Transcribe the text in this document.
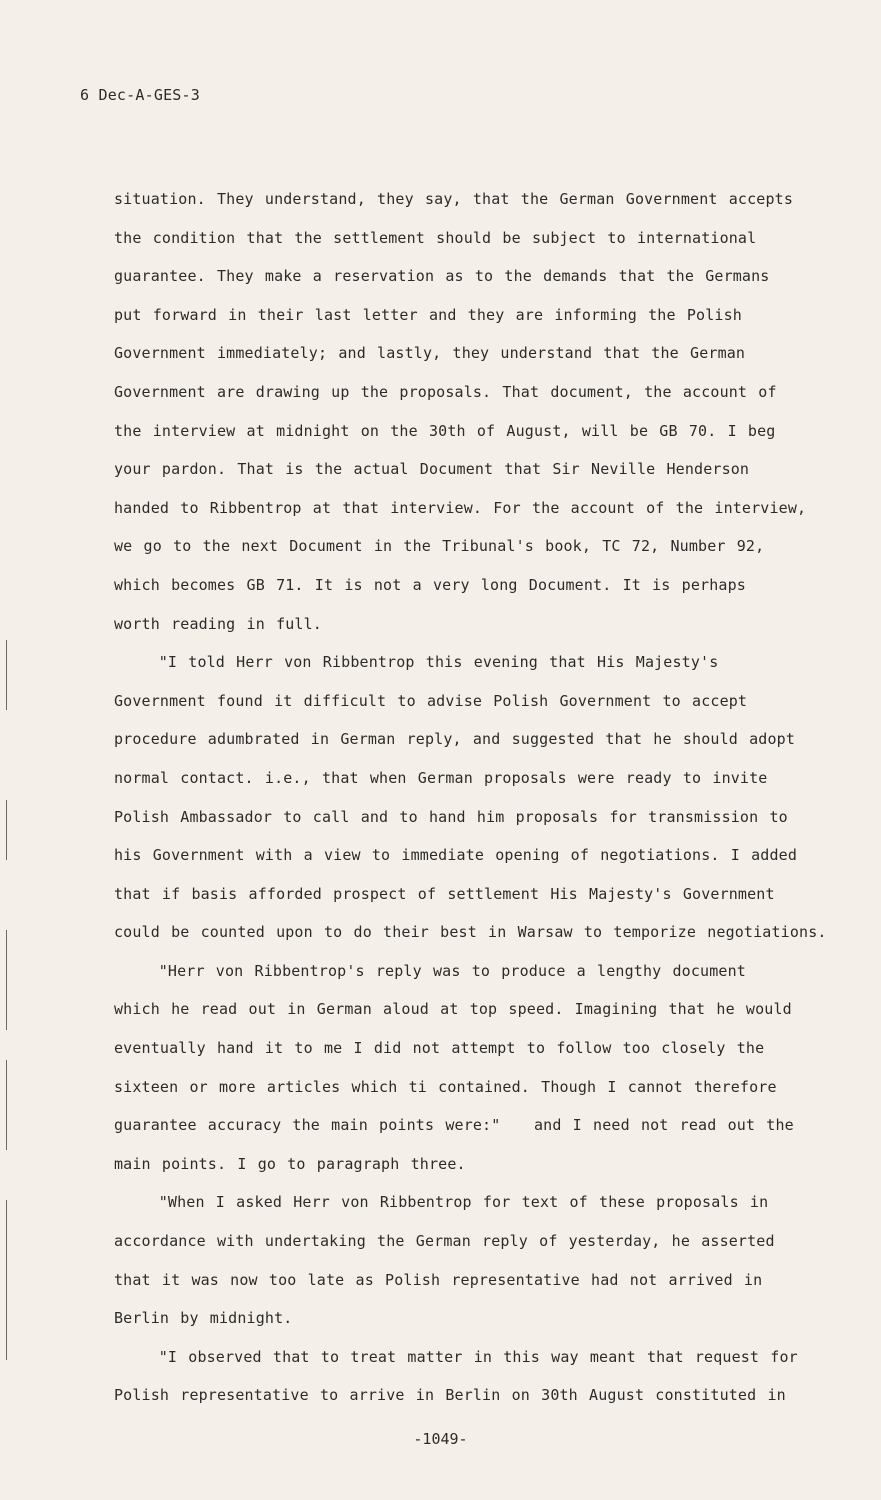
6 Dec-A-GES-3
situation. They understand, they say, that the German Government accepts
the condition that the settlement should be subject to international
guarantee. They make a reservation as to the demands that the Germans
put forward in their last letter and they are informing the Polish
Government immediately; and lastly, they understand that the German
Government are drawing up the proposals. That document, the account of
the interview at midnight on the 30th of August, will be GB 70. I beg
your pardon. That is the actual Document that Sir Neville Henderson
handed to Ribbentrop at that interview. For the account of the interview,
we go to the next Document in the Tribunal's book, TC 72, Number 92,
which becomes GB 71. It is not a very long Document. It is perhaps
worth reading in full.
"I told Herr von Ribbentrop this evening that His Majesty's
Government found it difficult to advise Polish Government to accept
procedure adumbrated in German reply, and suggested that he should adopt
normal contact. i.e., that when German proposals were ready to invite
Polish Ambassador to call and to hand him proposals for transmission to
his Government with a view to immediate opening of negotiations. I added
that if basis afforded prospect of settlement His Majesty's Government
could be counted upon to do their best in Warsaw to temporize negotiations.
"Herr von Ribbentrop's reply was to produce a lengthy document
which he read out in German aloud at top speed. Imagining that he would
eventually hand it to me I did not attempt to follow too closely the
sixteen or more articles which ti contained. Though I cannot therefore
guarantee accuracy the main points were:"   and I need not read out the
main points. I go to paragraph three.
"When I asked Herr von Ribbentrop for text of these proposals in
accordance with undertaking the German reply of yesterday, he asserted
that it was now too late as Polish representative had not arrived in
Berlin by midnight.
"I observed that to treat matter in this way meant that request for
Polish representative to arrive in Berlin on 30th August constituted in
-1049-
